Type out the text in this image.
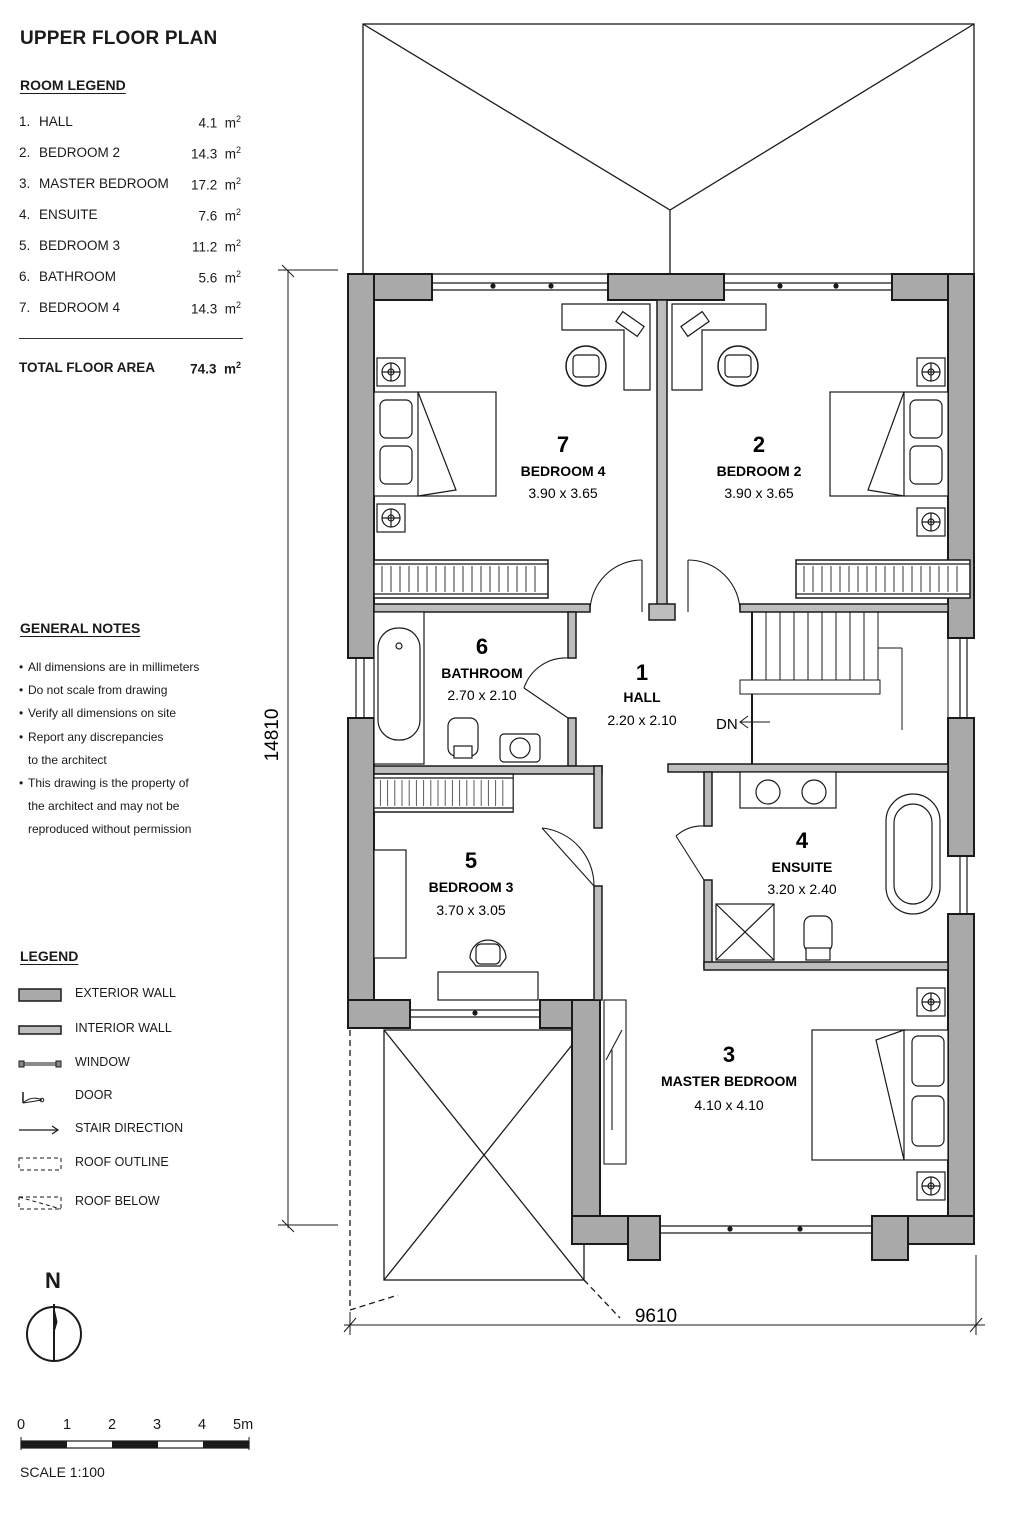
UPPER FLOOR PLAN
ROOM LEGEND
1. HALL	4.1 $m^2$
2. BEDROOM 2	14.3 $m^2$
3. MASTER BEDROOM 17.2 $m^2$
4. ENSUITE	7.6 $m^2$
5. BEDROOM 3	11.2 $m^2$
6. BATHROOM	5.6 $m^2$
7. BEDROOM 4	14.3 $m^2$
TOTAL FLOOR AREA	74.3 $m^2$
GENERAL NOTES
• All dimensions are in millimeters
• Do not scale from drawing
• Verify all dimensions on site
• Report any discrepancies
to the architect
• This drawing is the property of
the architect and may not be
reproduced without permission
LEGEND
EXTERIOR WALL
INTERIOR WALL
WINDOW
DOOR
STAIR DIRECTION
ROOF OUTLINE
ROOF BELOW
N
0	1	2	3	4 5m
SCALE 1:100
14810
9610
DN
1
HALL
2.20 x 2.10
2
BEDROOM 2
3.90 x 3.65
3
MASTER BEDROOM
4.10 x 4.10
4
ENSUITE
3.20 x 2.40
5
BEDROOM 3
3.70 x 3.05
6
BATHROOM
2.70 x 2.10
7
BEDROOM 4
3.90 x 3.65
